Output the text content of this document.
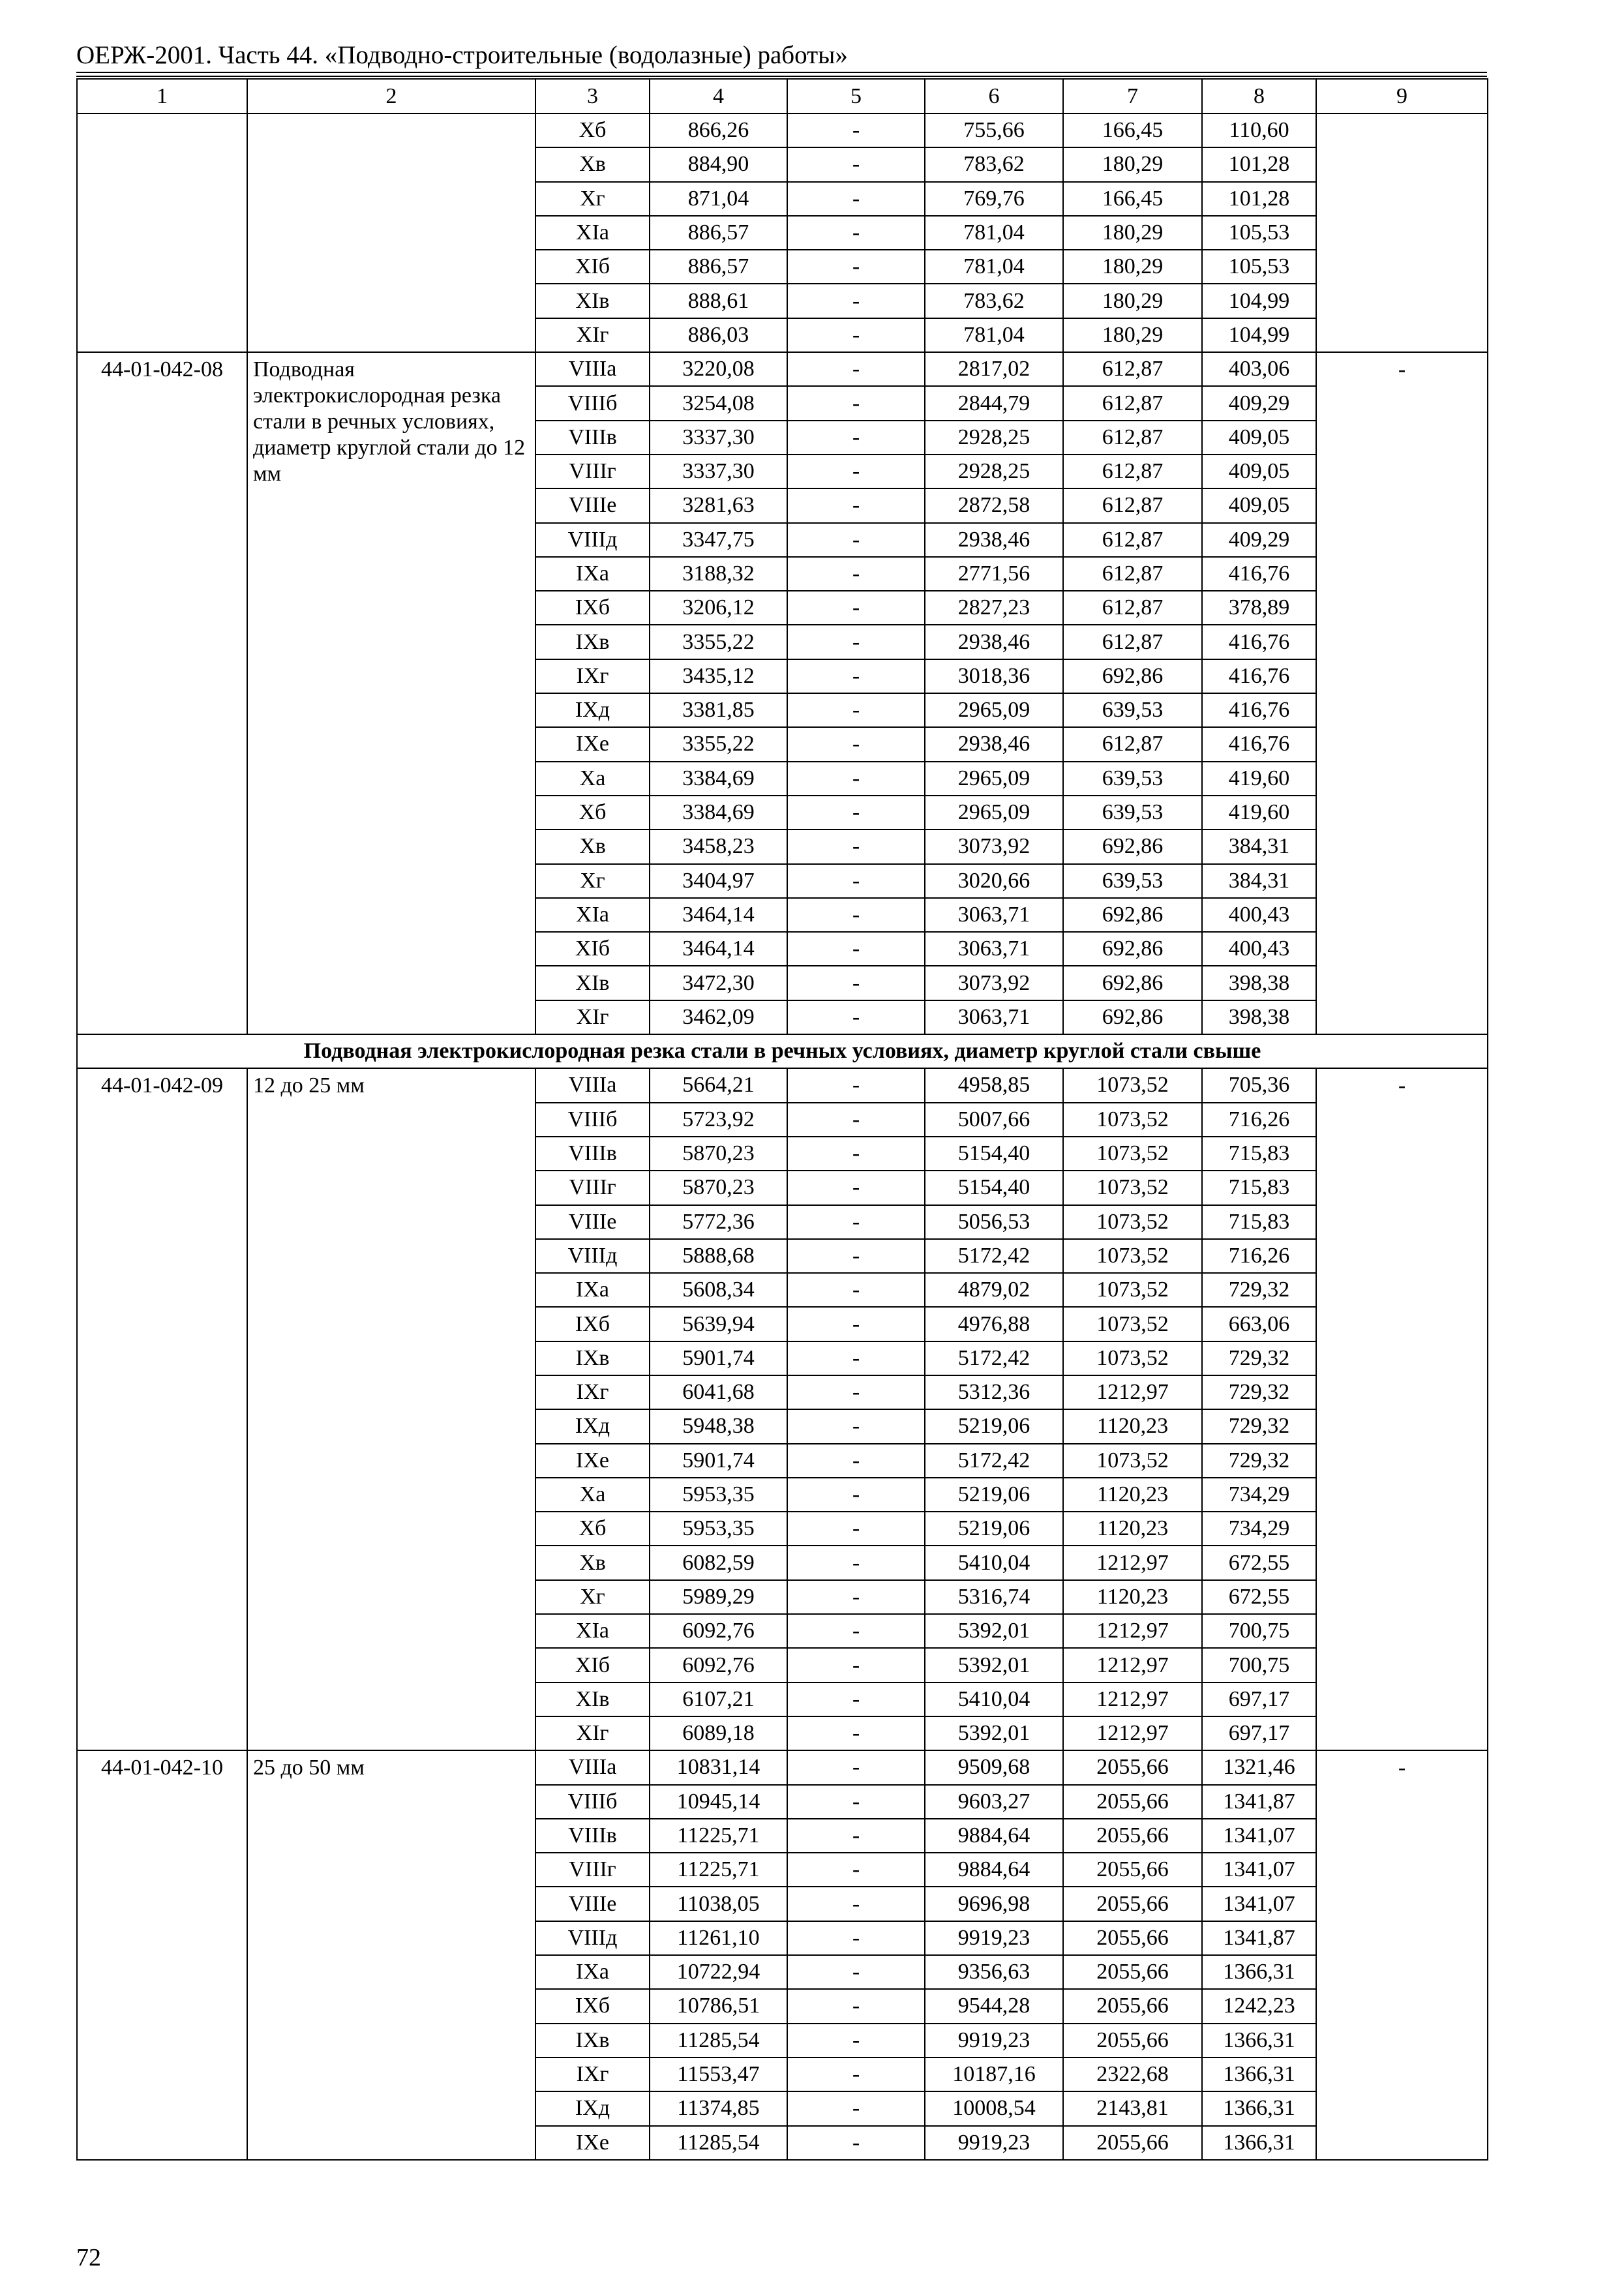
ОЕРЖ-2001. Часть 44. «Подводно-строительные (водолазные) работы»
1	2	3	4	5	6	7	8	9
		Xб	866,26	-	755,66	166,45	110,60	
		Xв	884,90	-	783,62	180,29	101,28	
		Xг	871,04	-	769,76	166,45	101,28	
		XIа	886,57	-	781,04	180,29	105,53	
		XIб	886,57	-	781,04	180,29	105,53	
		XIв	888,61	-	783,62	180,29	104,99	
		XIг	886,03	-	781,04	180,29	104,99	
44-01-042-08	Подводная электрокислородная резка стали в речных условиях, диаметр круглой стали до 12 мм	VIIIа	3220,08	-	2817,02	612,87	403,06	-
		VIIIб	3254,08	-	2844,79	612,87	409,29	
		VIIIв	3337,30	-	2928,25	612,87	409,05	
		VIIIг	3337,30	-	2928,25	612,87	409,05	
		VIIIe	3281,63	-	2872,58	612,87	409,05	
		VIIIд	3347,75	-	2938,46	612,87	409,29	
		IXа	3188,32	-	2771,56	612,87	416,76	
		IXб	3206,12	-	2827,23	612,87	378,89	
		IXв	3355,22	-	2938,46	612,87	416,76	
		IXг	3435,12	-	3018,36	692,86	416,76	
		IXд	3381,85	-	2965,09	639,53	416,76	
		IXе	3355,22	-	2938,46	612,87	416,76	
		Xа	3384,69	-	2965,09	639,53	419,60	
		Xб	3384,69	-	2965,09	639,53	419,60	
		Xв	3458,23	-	3073,92	692,86	384,31	
		Xг	3404,97	-	3020,66	639,53	384,31	
		XIа	3464,14	-	3063,71	692,86	400,43	
		XIб	3464,14	-	3063,71	692,86	400,43	
		XIв	3472,30	-	3073,92	692,86	398,38	
		XIг	3462,09	-	3063,71	692,86	398,38	
Подводная электрокислородная резка стали в речных условиях, диаметр круглой стали свыше								
44-01-042-09	12 до 25 мм	VIIIа	5664,21	-	4958,85	1073,52	705,36	-
		VIIIб	5723,92	-	5007,66	1073,52	716,26	
		VIIIв	5870,23	-	5154,40	1073,52	715,83	
		VIIIг	5870,23	-	5154,40	1073,52	715,83	
		VIIIe	5772,36	-	5056,53	1073,52	715,83	
		VIIIд	5888,68	-	5172,42	1073,52	716,26	
		IXа	5608,34	-	4879,02	1073,52	729,32	
		IXб	5639,94	-	4976,88	1073,52	663,06	
		IXв	5901,74	-	5172,42	1073,52	729,32	
		IXг	6041,68	-	5312,36	1212,97	729,32	
		IXд	5948,38	-	5219,06	1120,23	729,32	
		IXе	5901,74	-	5172,42	1073,52	729,32	
		Xа	5953,35	-	5219,06	1120,23	734,29	
		Xб	5953,35	-	5219,06	1120,23	734,29	
		Xв	6082,59	-	5410,04	1212,97	672,55	
		Xг	5989,29	-	5316,74	1120,23	672,55	
		XIа	6092,76	-	5392,01	1212,97	700,75	
		XIб	6092,76	-	5392,01	1212,97	700,75	
		XIв	6107,21	-	5410,04	1212,97	697,17	
		XIг	6089,18	-	5392,01	1212,97	697,17	
44-01-042-10	25 до 50 мм	VIIIа	10831,14	-	9509,68	2055,66	1321,46	-
		VIIIб	10945,14	-	9603,27	2055,66	1341,87	
		VIIIв	11225,71	-	9884,64	2055,66	1341,07	
		VIIIг	11225,71	-	9884,64	2055,66	1341,07	
		VIIIe	11038,05	-	9696,98	2055,66	1341,07	
		VIIIд	11261,10	-	9919,23	2055,66	1341,87	
		IXа	10722,94	-	9356,63	2055,66	1366,31	
		IXб	10786,51	-	9544,28	2055,66	1242,23	
		IXв	11285,54	-	9919,23	2055,66	1366,31	
		IXг	11553,47	-	10187,16	2322,68	1366,31	
		IXд	11374,85	-	10008,54	2143,81	1366,31	
		IXе	11285,54	-	9919,23	2055,66	1366,31	
72
